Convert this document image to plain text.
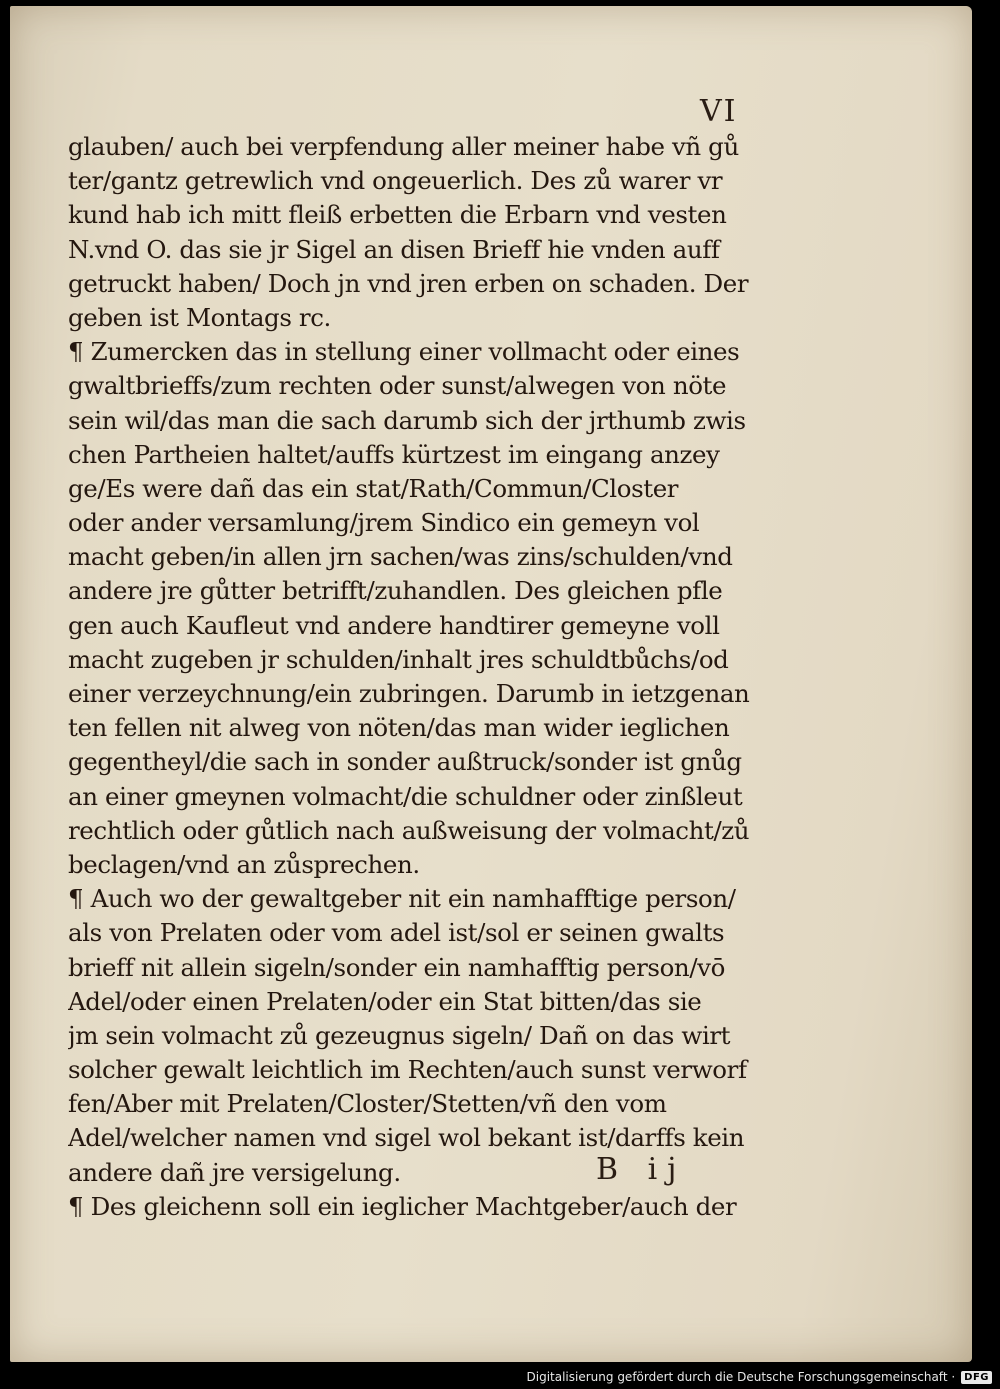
VI
glauben/ auch bei verpfendung aller meiner habe vñ gů
ter/gantz getrewlich vnd ongeuerlich. Des zů warer vr
kund hab ich mitt fleiß erbetten die Erbarn vnd vesten
N.vnd O. das sie jr Sigel an disen Brieff hie vnden auff
getruckt haben/ Doch jn vnd jren erben on schaden. Der
geben ist Montags rc.
¶ Zumercken das in stellung einer vollmacht oder eines
gwaltbrieffs/zum rechten oder sunst/alwegen von nöte
sein wil/das man die sach darumb sich der jrthumb zwis
chen Partheien haltet/auffs kürtzest im eingang anzey
ge/Es were dañ das ein stat/Rath/Commun/Closter
oder ander versamlung/jrem Sindico ein gemeyn vol
macht geben/in allen jrn sachen/was zins/schulden/vnd
andere jre gůtter betrifft/zuhandlen. Des gleichen pfle
gen auch Kaufleut vnd andere handtirer gemeyne voll
macht zugeben jr schulden/inhalt jres schuldtbůchs/od
einer verzeychnung/ein zubringen. Darumb in ietzgenan
ten fellen nit alweg von nöten/das man wider ieglichen
gegentheyl/die sach in sonder außtruck/sonder ist gnůg
an einer gmeynen volmacht/die schuldner oder zinßleut
rechtlich oder gůtlich nach außweisung der volmacht/zů
beclagen/vnd an zůsprechen.
¶ Auch wo der gewaltgeber nit ein namhafftige person/
als von Prelaten oder vom adel ist/sol er seinen gwalts
brieff nit allein sigeln/sonder ein namhafftig person/vō
Adel/oder einen Prelaten/oder ein Stat bitten/das sie
jm sein volmacht zů gezeugnus sigeln/ Dañ on das wirt
solcher gewalt leichtlich im Rechten/auch sunst verworf
fen/Aber mit Prelaten/Closter/Stetten/vñ den vom
Adel/welcher namen vnd sigel wol bekant ist/darffs kein
andere dañ jre versigelung.
¶ Des gleichenn soll ein ieglicher Machtgeber/auch der
B ij
Digitalisierung gefördert durch die Deutsche Forschungsgemeinschaft · DFG
